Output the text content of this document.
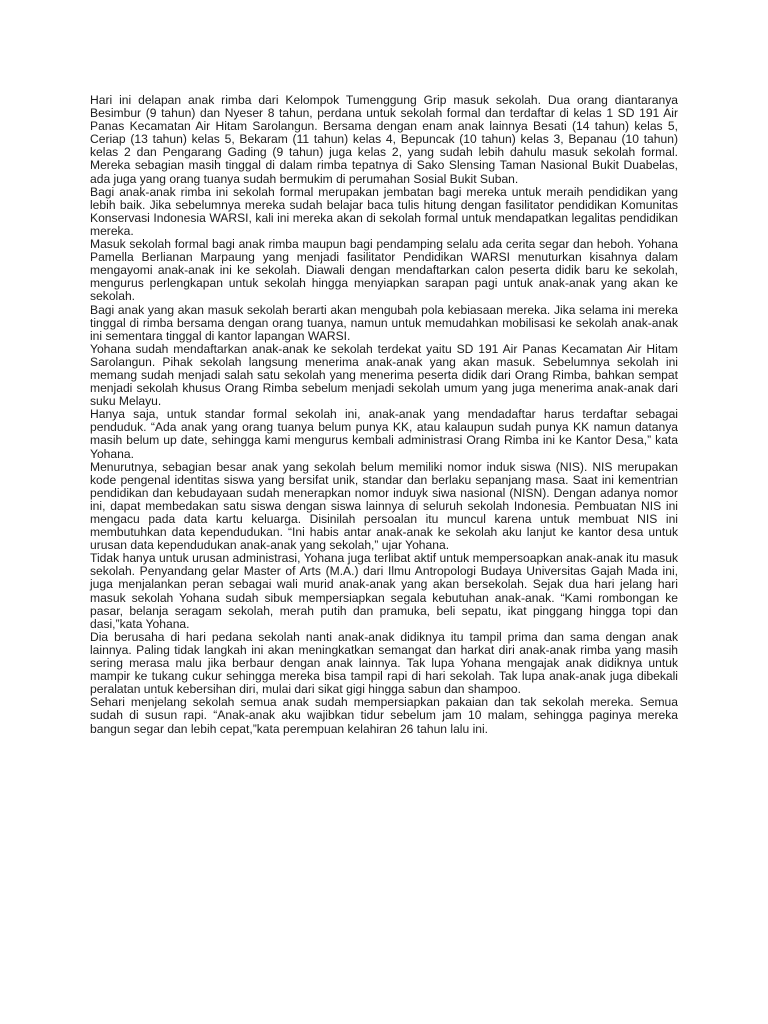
Hari ini delapan anak rimba dari Kelompok Tumenggung Grip masuk sekolah. Dua orang diantaranya Besimbur (9 tahun) dan Nyeser 8 tahun, perdana untuk sekolah formal dan terdaftar di kelas 1 SD 191 Air Panas Kecamatan Air Hitam Sarolangun. Bersama dengan enam anak lainnya Besati (14 tahun) kelas 5, Ceriap (13 tahun) kelas 5, Bekaram (11 tahun) kelas 4, Bepuncak (10 tahun) kelas 3, Bepanau (10 tahun) kelas 2 dan Pengarang Gading (9 tahun) juga kelas 2, yang sudah lebih dahulu masuk sekolah formal. Mereka sebagian masih tinggal di dalam rimba tepatnya di Sako Slensing Taman Nasional Bukit Duabelas, ada juga yang orang tuanya sudah bermukim di perumahan Sosial Bukit Suban.

Bagi anak-anak rimba ini sekolah formal merupakan jembatan bagi mereka untuk meraih pendidikan yang lebih baik. Jika sebelumnya mereka sudah belajar baca tulis hitung dengan fasilitator pendidikan Komunitas Konservasi Indonesia WARSI, kali ini mereka akan di sekolah formal untuk mendapatkan legalitas pendidikan mereka.

Masuk sekolah formal bagi anak rimba maupun bagi pendamping selalu ada cerita segar dan heboh. Yohana Pamella Berlianan Marpaung yang menjadi fasilitator Pendidikan WARSI menuturkan kisahnya dalam mengayomi anak-anak ini ke sekolah. Diawali dengan mendaftarkan calon peserta didik baru ke sekolah, mengurus perlengkapan untuk sekolah hingga menyiapkan sarapan pagi untuk anak-anak yang akan ke sekolah.

Bagi anak yang akan masuk sekolah berarti akan mengubah pola kebiasaan mereka. Jika selama ini mereka tinggal di rimba bersama dengan orang tuanya, namun untuk memudahkan mobilisasi ke sekolah anak-anak ini sementara tinggal di kantor lapangan WARSI.

Yohana sudah mendaftarkan anak-anak ke sekolah terdekat yaitu SD 191 Air Panas Kecamatan Air Hitam Sarolangun. Pihak sekolah langsung menerima anak-anak yang akan masuk. Sebelumnya sekolah ini memang sudah menjadi salah satu sekolah yang menerima peserta didik dari Orang Rimba, bahkan sempat menjadi sekolah khusus Orang Rimba sebelum menjadi sekolah umum yang juga menerima anak-anak dari suku Melayu.

Hanya saja, untuk standar formal sekolah ini, anak-anak yang mendadaftar harus terdaftar sebagai penduduk. “Ada anak yang orang tuanya belum punya KK, atau kalaupun sudah punya KK namun datanya masih belum up date, sehingga kami mengurus kembali administrasi Orang Rimba ini ke Kantor Desa,” kata Yohana.

Menurutnya, sebagian besar anak yang sekolah belum memiliki nomor induk siswa (NIS). NIS merupakan kode pengenal identitas siswa yang bersifat unik, standar dan berlaku sepanjang masa. Saat ini kementrian pendidikan dan kebudayaan sudah menerapkan nomor induyk siwa nasional (NISN). Dengan adanya nomor ini, dapat membedakan satu siswa dengan siswa lainnya di seluruh sekolah Indonesia. Pembuatan NIS ini mengacu pada data kartu keluarga. Disinilah persoalan itu muncul karena untuk membuat NIS ini membutuhkan data kependudukan. “Ini habis antar anak-anak ke sekolah aku lanjut ke kantor desa untuk urusan data kependudukan anak-anak yang sekolah,” ujar Yohana.

Tidak hanya untuk urusan administrasi, Yohana juga terlibat aktif untuk mempersoapkan anak-anak itu masuk sekolah. Penyandang gelar Master of Arts (M.A.) dari Ilmu Antropologi Budaya Universitas Gajah Mada ini, juga menjalankan peran sebagai wali murid anak-anak yang akan bersekolah. Sejak dua hari jelang hari masuk sekolah Yohana sudah sibuk mempersiapkan segala kebutuhan anak-anak. “Kami rombongan ke pasar, belanja seragam sekolah, merah putih dan pramuka, beli sepatu, ikat pinggang hingga topi dan dasi,”kata Yohana.

Dia berusaha di hari pedana sekolah nanti anak-anak didiknya itu tampil prima dan sama dengan anak lainnya. Paling tidak langkah ini akan meningkatkan semangat dan harkat diri anak-anak rimba yang masih sering merasa malu jika berbaur dengan anak lainnya. Tak lupa Yohana mengajak anak didiknya untuk mampir ke tukang cukur sehingga mereka bisa tampil rapi di hari sekolah. Tak lupa anak-anak juga dibekali peralatan untuk kebersihan diri, mulai dari sikat gigi hingga sabun dan shampoo.

Sehari menjelang sekolah semua anak sudah mempersiapkan pakaian dan tak sekolah mereka. Semua sudah di susun rapi. “Anak-anak aku wajibkan tidur sebelum jam 10 malam, sehingga paginya mereka bangun segar dan lebih cepat,”kata perempuan kelahiran 26 tahun lalu ini.
